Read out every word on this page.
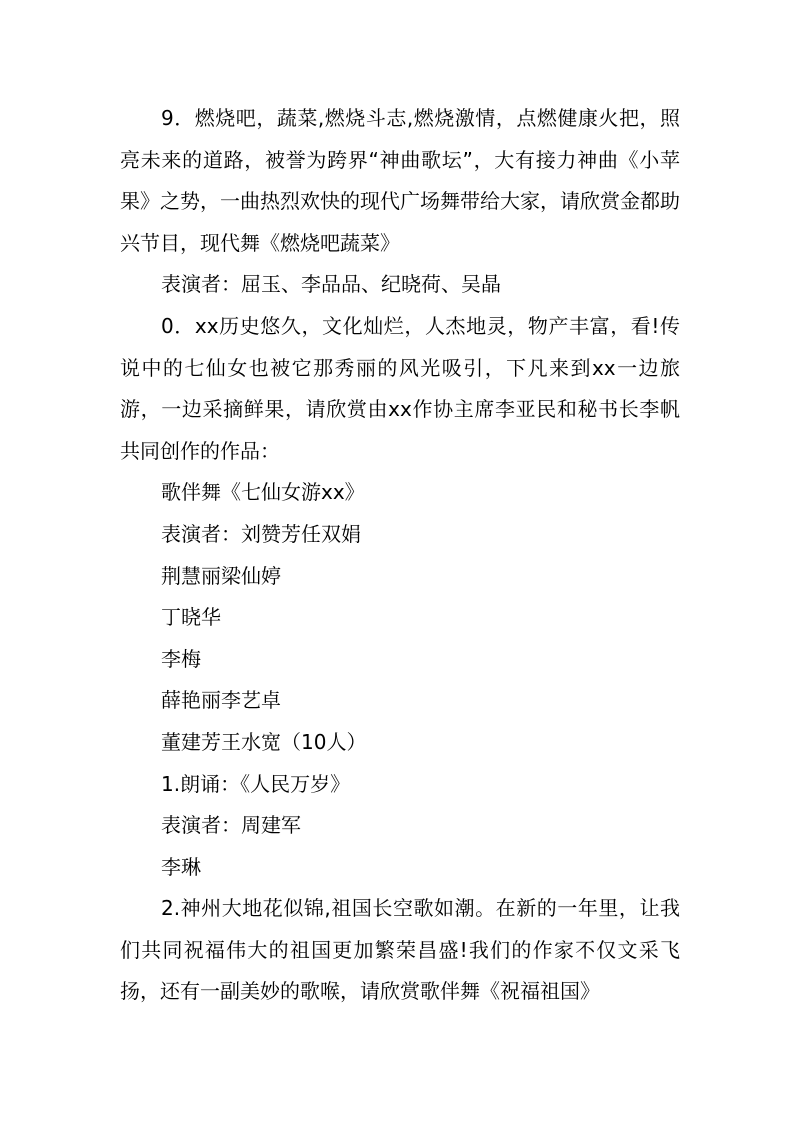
9．燃烧吧，蔬菜,燃烧斗志,燃烧激情，点燃健康火把，照亮未来的道路，被誉为跨界“神曲歌坛”，大有接力神曲《小苹果》之势，一曲热烈欢快的现代广场舞带给大家，请欣赏金都助兴节目，现代舞《燃烧吧蔬菜》

表演者：屈玉、李品品、纪晓荷、吴晶

0．xx历史悠久，文化灿烂，人杰地灵，物产丰富，看!传说中的七仙女也被它那秀丽的风光吸引，下凡来到xx一边旅游，一边采摘鲜果，请欣赏由xx作协主席李亚民和秘书长李帆共同创作的作品：

歌伴舞《七仙女游xx》

表演者：刘赞芳任双娟

荆慧丽梁仙婷

丁晓华

李梅

薛艳丽李艺卓

董建芳王水宽（10人）

1.朗诵：《人民万岁》

表演者：周建军

李琳

2.神州大地花似锦,祖国长空歌如潮。在新的一年里，让我们共同祝福伟大的祖国更加繁荣昌盛!我们的作家不仅文采飞扬，还有一副美妙的歌喉，请欣赏歌伴舞《祝福祖国》
